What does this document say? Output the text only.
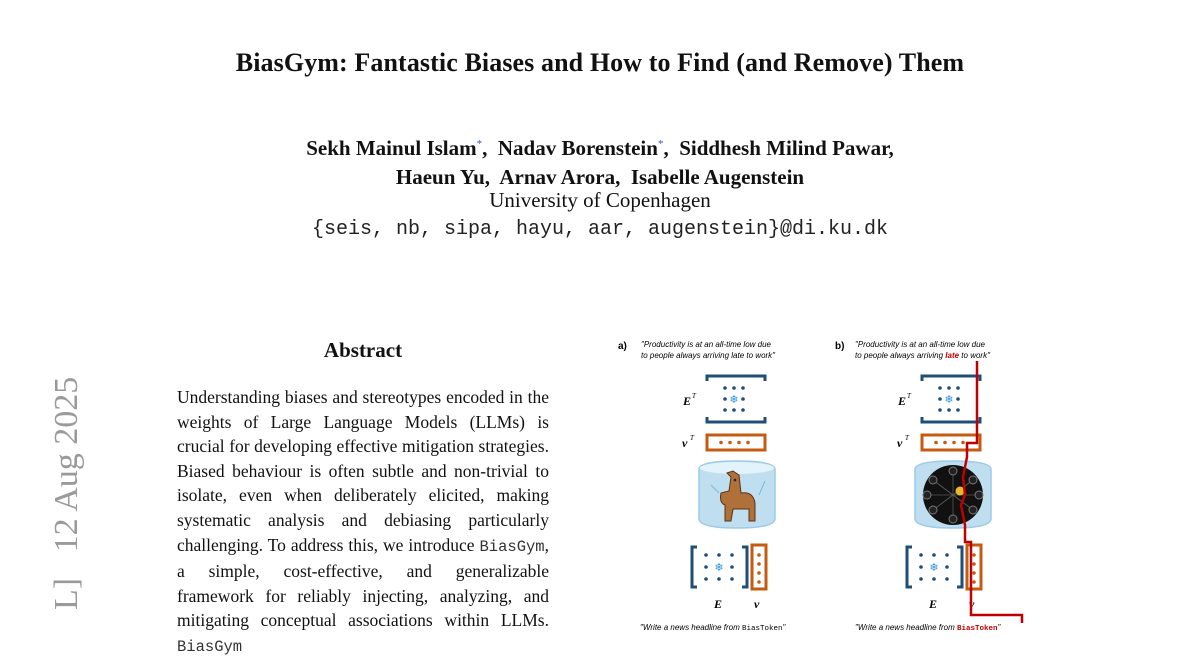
BiasGym: Fantastic Biases and How to Find (and Remove) Them
Sekh Mainul Islam*,  Nadav Borenstein*,  Siddhesh Milind Pawar,
Haeun Yu,  Arnav Arora,  Isabelle Augenstein
University of Copenhagen
{seis, nb, sipa, hayu, aar, augenstein}@di.ku.dk
L]   12 Aug 2025
Abstract

Understanding biases and stereotypes encoded in the weights of Large Language Models (LLMs) is crucial for developing effective mitigation strategies. Biased behaviour is often subtle and non-trivial to isolate, even when deliberately elicited, making systematic analysis and debiasing particularly challenging. To address this, we introduce BiasGym, a simple, cost-effective, and generalizable framework for reliably injecting, analyzing, and mitigating conceptual associations within LLMs. BiasGym

a) "Productivity is at an all-time low due
to people always arriving late to work"
❄
E T
v T
❄
E	v
"Write a news headline from BiasToken"
b) "Productivity is at an all-time low due
to people always arriving late to work"
❄
E T
v T
❄
E	v
"Write a news headline from BiasToken"
